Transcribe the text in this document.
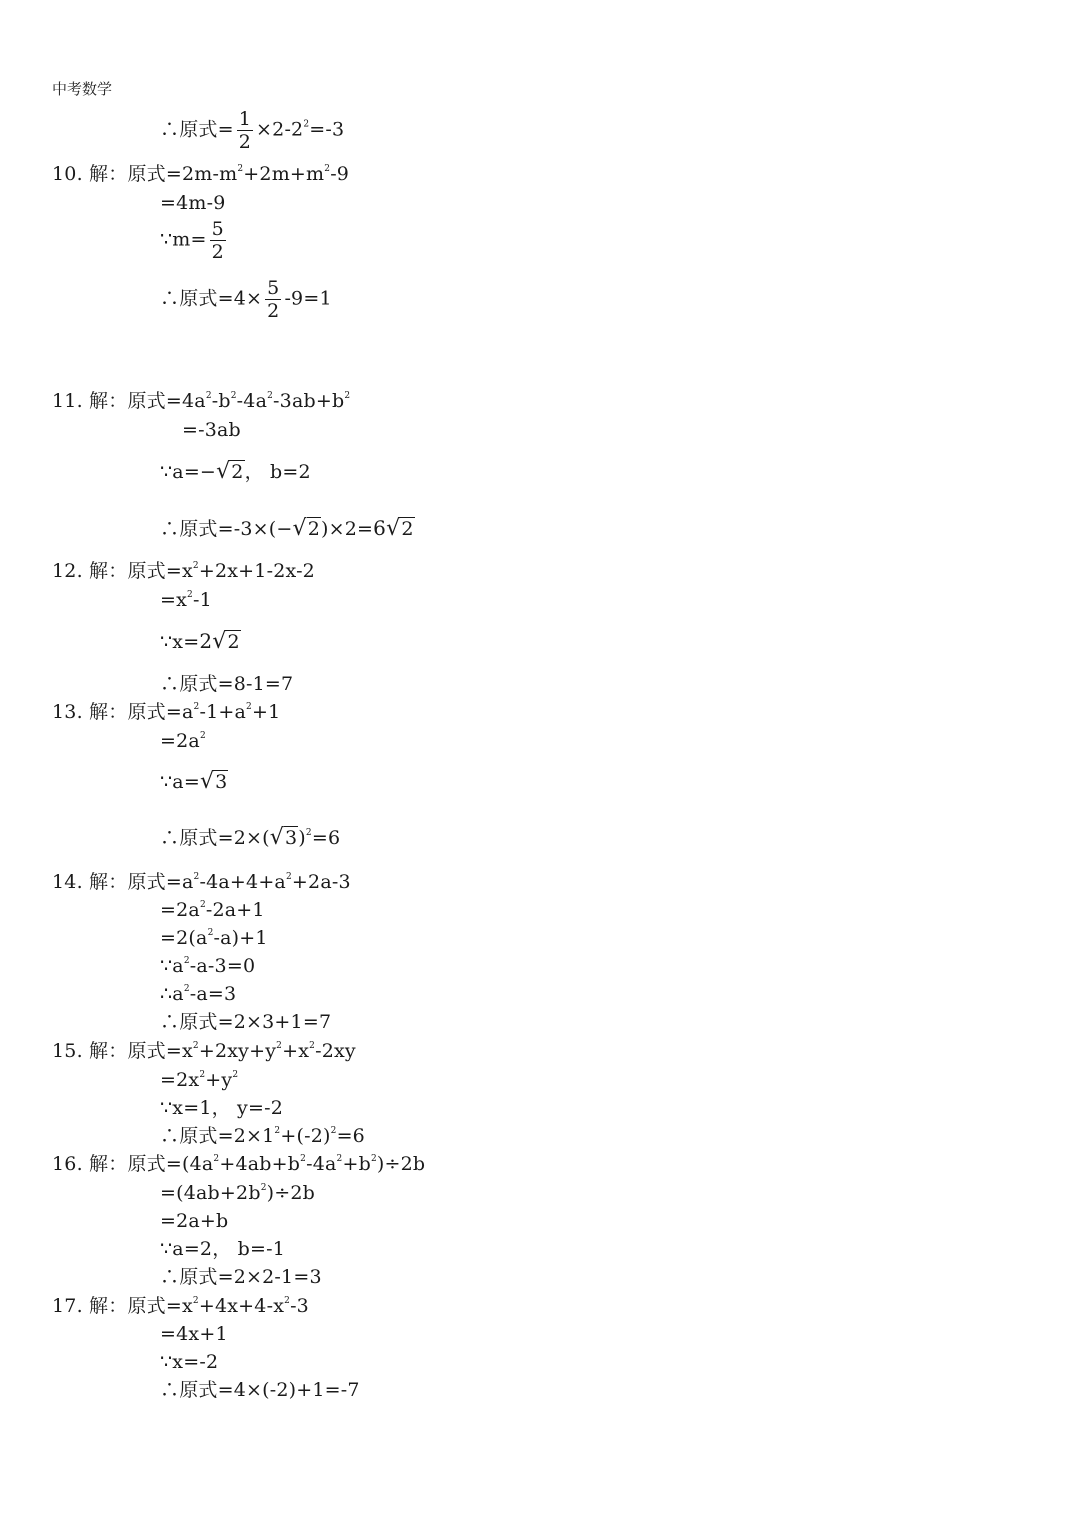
中考数学
∴原式= $\frac{1}{2} \times 2-2^2=-3$
10. 解：原式$=2m-m^2+2m+m^2-9$
=4m-9
∵m= $\frac{5}{2}$
∴原式$=4\times \frac{5}{2} -9=1$
11. 解：原式$=4a^2-b^2-4a^2-3ab+b^2$
=-3ab
∵a=−√2， b=2
∴原式=-3×(−√2)×2=6√2
12. 解：原式$=x^2+2x+1-2x-2$
$=x^2-1$
∵x=2√2
∴原式=8-1=7
13. 解：原式$=a^2-1+a^2+1$
$=2a^2$
∵a=√3
∴原式$=2\times(√3)^2=6$
14. 解：原式$=a^2-4a+4+a^2+2a-3$
$=2a^2-2a+1$
$=2(a^2-a)+1$
$\because a^2-a-3=0$
$\therefore a^2-a=3$
∴原式=2×3+1=7
15. 解：原式$=x^2+2xy+y^2+x^2-2xy$
$=2x^2+y^2$
∵x=1， y=-2
∴原式$=2\times 1^2+(-2)^2=6$
16. 解：原式$=(4a^2+4ab+b^2-4a^2+b^2)\div 2b$
$=(4ab+2b^2)\div 2b$
=2a+b
∵a=2， b=-1
∴原式=2×2-1=3
17. 解：原式$=x^2+4x+4-x^2-3$
=4x+1
∵x=-2
∴原式=4×(-2)+1=-7
